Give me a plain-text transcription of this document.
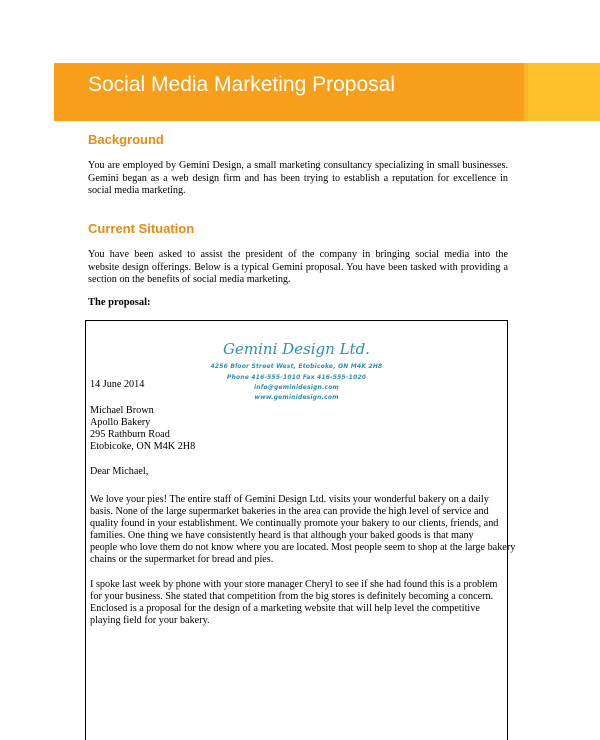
Social Media Marketing Proposal
Background
You are employed by Gemini Design, a small marketing consultancy specializing in small businesses.
Gemini began as a web design firm and has been trying to establish a reputation for excellence in
social media marketing.
Current Situation
You have been asked to assist the president of the company in bringing social media into the
website design offerings. Below is a typical Gemini proposal. You have been tasked with providing a
section on the benefits of social media marketing.
The proposal:
Gemini Design Ltd.
4256 Bloor Street West, Etobicoke, ON M4K 2H8
Phone 416-555-1010 Fax 416-555-1020
info@geminidesign.com
www.geminidesign.com
14 June 2014
Michael Brown
Apollo Bakery
295 Rathburn Road
Etobicoke, ON M4K 2H8
Dear Michael,
We love your pies! The entire staff of Gemini Design Ltd. visits your wonderful bakery on a daily
basis. None of the large supermarket bakeries in the area can provide the high level of service and
quality found in your establishment. We continually promote your bakery to our clients, friends, and
families. One thing we have consistently heard is that although your baked goods is that many
people who love them do not know where you are located. Most people seem to shop at the large bakery
chains or the supermarket for bread and pies.
I spoke last week by phone with your store manager Cheryl to see if she had found this is a problem
for your business. She stated that competition from the big stores is definitely becoming a concern.
Enclosed is a proposal for the design of a marketing website that will help level the competitive
playing field for your bakery.
